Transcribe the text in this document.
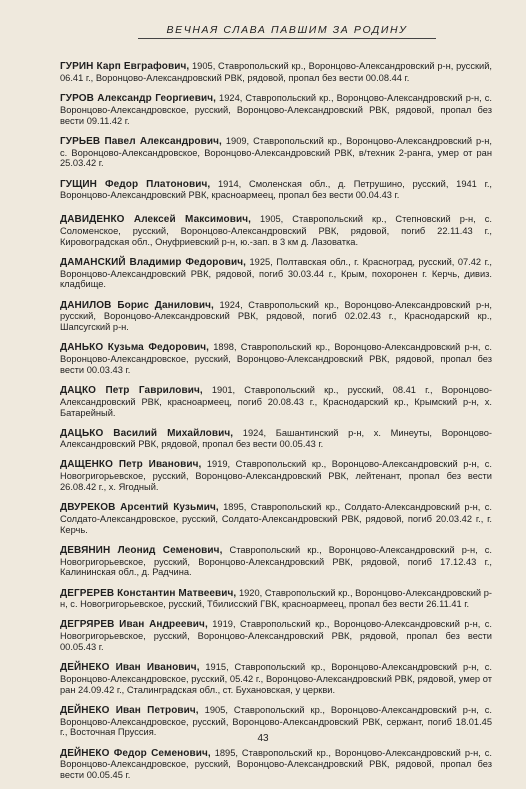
ВЕЧНАЯ СЛАВА ПАВШИМ ЗА РОДИНУ

ГУРИН Карп Евграфович, 1905, Ставропольский кр., Воронцово-Александровский р-н, русский, 06.41 г., Воронцово-Александровский РВК, рядовой, пропал без вести 00.08.44 г.

ГУРОВ Александр Георгиевич, 1924, Ставропольский кр., Воронцово-Александровский р-н, с. Воронцово-Александровское, русский, Воронцово-Александровский РВК, рядовой, пропал без вести 09.11.42 г.

ГУРЬЕВ Павел Александрович, 1909, Ставропольский кр., Воронцово-Александровский р-н, с. Воронцово-Александровское, Воронцово-Александровский РВК, в/техник 2-ранга, умер от ран 25.03.42 г.

ГУЩИН Федор Платонович, 1914, Смоленская обл., д. Петрушино, русский, 1941 г., Воронцово-Александровский РВК, красноармеец, пропал без вести 00.04.43 г.

ДАВИДЕНКО Алексей Максимович, 1905, Ставропольский кр., Степновский р-н, с. Соломенское, русский, Воронцово-Александровский РВК, рядовой, погиб 22.11.43 г., Кировоградская обл., Онуфриевский р-н, ю.-зап. в 3 км д. Лазоватка.

ДАМАНСКИЙ Владимир Федорович, 1925, Полтавская обл., г. Красноград, русский, 07.42 г., Воронцово-Александровский РВК, рядовой, погиб 30.03.44 г., Крым, похоронен г. Керчь, дивиз. кладбище.

ДАНИЛОВ Борис Данилович, 1924, Ставропольский кр., Воронцово-Александровский р-н, русский, Воронцово-Александровский РВК, рядовой, погиб 02.02.43 г., Краснодарский кр., Шапсугский р-н.

ДАНЬКО Кузьма Федорович, 1898, Ставропольский кр., Воронцово-Александровский р-н, с. Воронцово-Александровское, русский, Воронцово-Александровский РВК, рядовой, пропал без вести 00.03.43 г.

ДАЦКО Петр Гаврилович, 1901, Ставропольский кр., русский, 08.41 г., Воронцово-Александровский РВК, красноармеец, погиб 20.08.43 г., Краснодарский кр., Крымский р-н, х. Батарейный.

ДАЦЬКО Василий Михайлович, 1924, Башантинский р-н, х. Минеуты, Воронцово-Александровский РВК, рядовой, пропал без вести 00.05.43 г.

ДАЩЕНКО Петр Иванович, 1919, Ставропольский кр., Воронцово-Александровский р-н, с. Новогригорьевское, русский, Воронцово-Александровский РВК, лейтенант, пропал без вести 26.08.42 г., х. Ягодный.

ДВУРЕКОВ Арсентий Кузьмич, 1895, Ставропольский кр., Солдато-Александровский р-н, с. Солдато-Александровское, русский, Солдато-Александровский РВК, рядовой, погиб 20.03.42 г., г. Керчь.

ДЕВЯНИН Леонид Семенович, Ставропольский кр., Воронцово-Александровский р-н, с. Новогригорьевское, русский, Воронцово-Александровский РВК, рядовой, погиб 17.12.43 г., Калининская обл., д. Радчина.

ДЕГРЕРЕВ Константин Матвеевич, 1920, Ставропольский кр., Воронцово-Александровский р-н, с. Новогригорьевское, русский, Тбилисский ГВК, красноармеец, пропал без вести 26.11.41 г.

ДЕГРЯРЕВ Иван Андреевич, 1919, Ставропольский кр., Воронцово-Александровский р-н, с. Новогригорьевское, русский, Воронцово-Александровский РВК, рядовой, пропал без вести 00.05.43 г.

ДЕЙНЕКО Иван Иванович, 1915, Ставропольский кр., Воронцово-Александровский р-н, с. Воронцово-Александровское, русский, 05.42 г., Воронцово-Александровский РВК, рядовой, умер от ран 24.09.42 г., Сталинградская обл., ст. Бухановская, у церкви.

ДЕЙНЕКО Иван Петрович, 1905, Ставропольский кр., Воронцово-Александровский р-н, с. Воронцово-Александровское, русский, Воронцово-Александровский РВК, сержант, погиб 18.01.45 г., Восточная Пруссия.

ДЕЙНЕКО Федор Семенович, 1895, Ставропольский кр., Воронцово-Александровский р-н, с. Воронцово-Александровское, русский, Воронцово-Александровский РВК, рядовой, пропал без вести 00.05.45 г.

43
